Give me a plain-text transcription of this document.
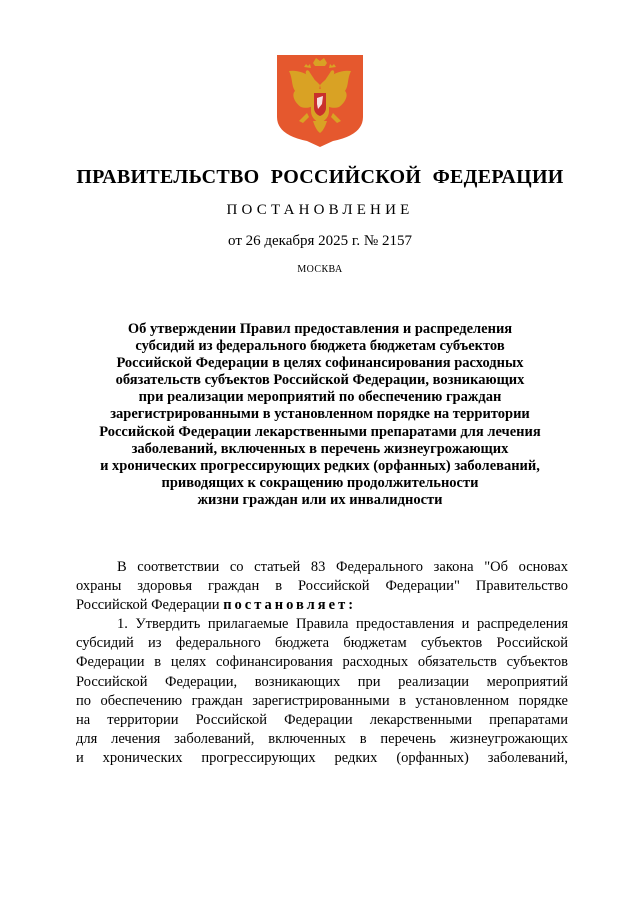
ПРАВИТЕЛЬСТВО РОССИЙСКОЙ ФЕДЕРАЦИИ
ПОСТАНОВЛЕНИЕ
от 26 декабря 2025 г. № 2157
МОСКВА
Об утверждении Правил предоставления и распределения
субсидий из федерального бюджета бюджетам субъектов
Российской Федерации в целях софинансирования расходных
обязательств субъектов Российской Федерации, возникающих
при реализации мероприятий по обеспечению граждан
зарегистрированными в установленном порядке на территории
Российской Федерации лекарственными препаратами для лечения
заболеваний, включенных в перечень жизнеугрожающих
и хронических прогрессирующих редких (орфанных) заболеваний,
приводящих к сокращению продолжительности
жизни граждан или их инвалидности
В соответствии со статьей 83 Федерального закона "Об основах
охраны здоровья граждан в Российской Федерации" Правительство
Российской Федерации постановляет:
1. Утвердить прилагаемые Правила предоставления и распределения
субсидий из федерального бюджета бюджетам субъектов Российской
Федерации в целях софинансирования расходных обязательств субъектов
Российской Федерации, возникающих при реализации мероприятий
по обеспечению граждан зарегистрированными в установленном порядке
на территории Российской Федерации лекарственными препаратами
для лечения заболеваний, включенных в перечень жизнеугрожающих
и хронических прогрессирующих редких (орфанных) заболеваний,
